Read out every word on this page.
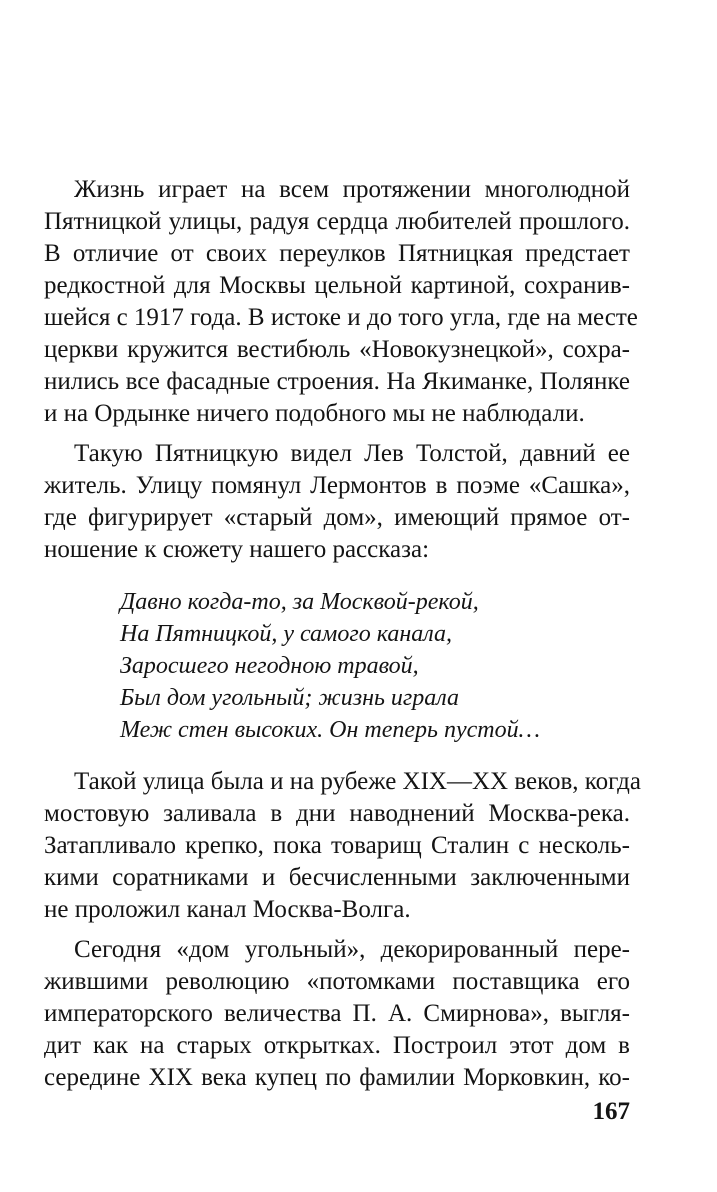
Жизнь играет на всем протяжении многолюдной
Пятницкой улицы, радуя сердца любителей прошлого.
В отличие от своих переулков Пятницкая предстает
редкостной для Москвы цельной картиной, сохранив-
шейся с 1917 года. В истоке и до того угла, где на месте
церкви кружится вестибюль «Новокузнецкой», сохра-
нились все фасадные строения. На Якиманке, Полянке
и на Ордынке ничего подобного мы не наблюдали.
Такую Пятницкую видел Лев Толстой, давний ее
житель. Улицу помянул Лермонтов в поэме «Сашка»,
где фигурирует «старый дом», имеющий прямое от-
ношение к сюжету нашего рассказа:
Давно когда-то, за Москвой-рекой,
На Пятницкой, у самого канала,
Заросшего негодною травой,
Был дом угольный; жизнь играла
Меж стен высоких. Он теперь пустой…
Такой улица была и на рубеже XIX—XX веков, когда
мостовую заливала в дни наводнений Москва-река.
Затапливало крепко, пока товарищ Сталин с несколь-
кими соратниками и бесчисленными заключенными
не проложил канал Москва-Волга.
Сегодня «дом угольный», декорированный пере-
жившими революцию «потомками поставщика его
императорского величества П. А. Смирнова», выгля-
дит как на старых открытках. Построил этот дом в
середине XIX века купец по фамилии Морковкин, ко-
167
